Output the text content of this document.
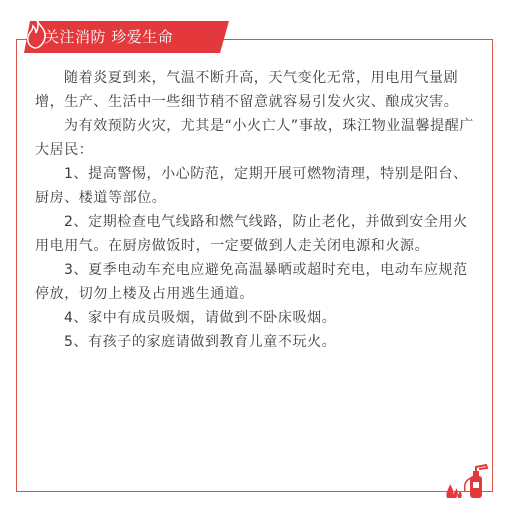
关注消防 珍爱生命

随着炎夏到来，气温不断升高，天气变化无常，用电用气量剧增，生产、生活中一些细节稍不留意就容易引发火灾、酿成灾害。

为有效预防火灾，尤其是“小火亡人”事故，珠江物业温馨提醒广大居民：

1、提高警惕，小心防范，定期开展可燃物清理，特别是阳台、厨房、楼道等部位。

2、定期检查电气线路和燃气线路，防止老化，并做到安全用火用电用气。在厨房做饭时，一定要做到人走关闭电源和火源。

3、夏季电动车充电应避免高温暴晒或超时充电，电动车应规范停放，切勿上楼及占用逃生通道。

4、家中有成员吸烟，请做到不卧床吸烟。

5、有孩子的家庭请做到教育儿童不玩火。
